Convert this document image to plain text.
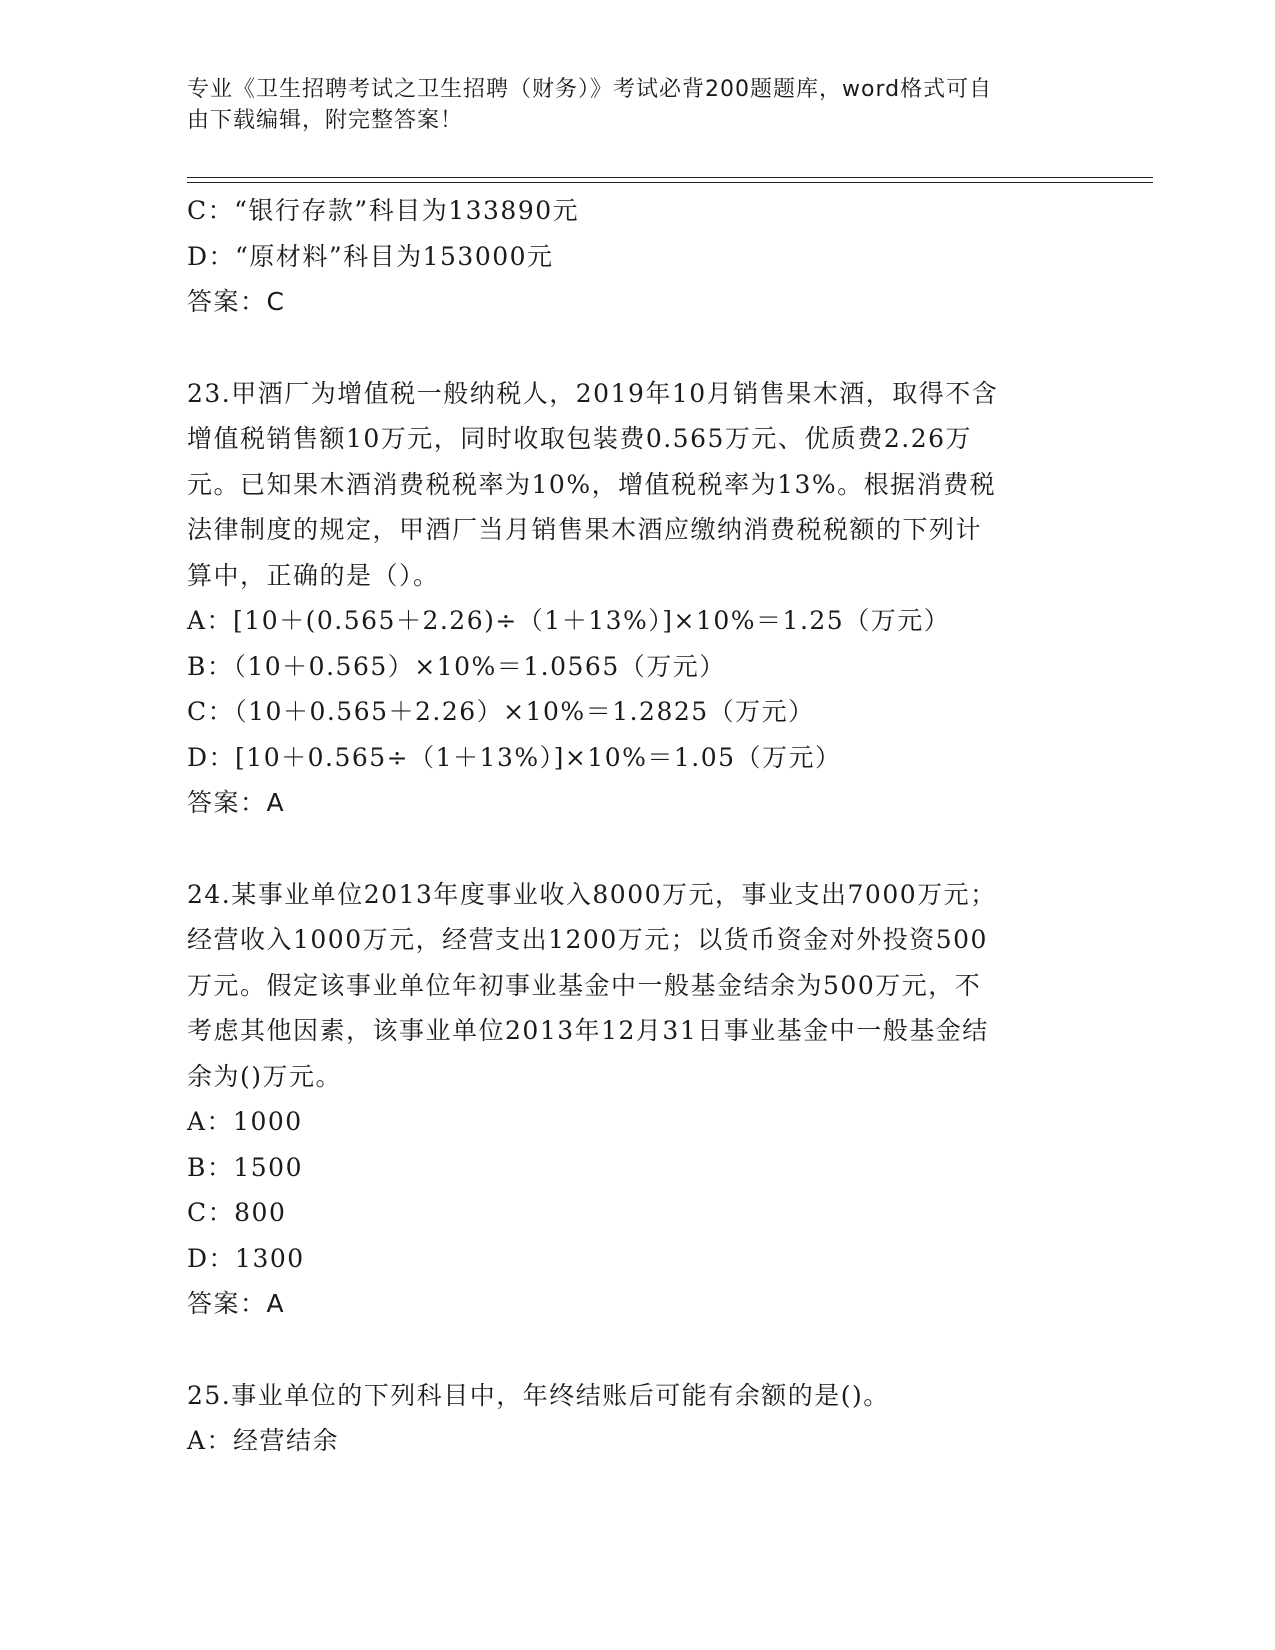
专业《卫生招聘考试之卫生招聘（财务）》考试必背200题题库，word格式可自
由下载编辑，附完整答案！
C：“银行存款”科目为133890元
D：“原材料”科目为153000元
答案：C
23.甲酒厂为增值税一般纳税人，2019年10月销售果木酒，取得不含
增值税销售额10万元，同时收取包装费0.565万元、优质费2.26万
元。已知果木酒消费税税率为10%，增值税税率为13%。根据消费税
法律制度的规定，甲酒厂当月销售果木酒应缴纳消费税税额的下列计
算中，正确的是（）。
A：[10＋(0.565＋2.26)÷（1＋13%）]×10%＝1.25（万元）
B：（10＋0.565）×10%＝1.0565（万元）
C：（10＋0.565＋2.26）×10%＝1.2825（万元）
D：[10＋0.565÷（1＋13%）]×10%＝1.05（万元）
答案：A
24.某事业单位2013年度事业收入8000万元，事业支出7000万元；
经营收入1000万元，经营支出1200万元；以货币资金对外投资500
万元。假定该事业单位年初事业基金中一般基金结余为500万元，不
考虑其他因素，该事业单位2013年12月31日事业基金中一般基金结
余为()万元。
A：1000
B：1500
C：800
D：1300
答案：A
25.事业单位的下列科目中，年终结账后可能有余额的是()。
A：经营结余
